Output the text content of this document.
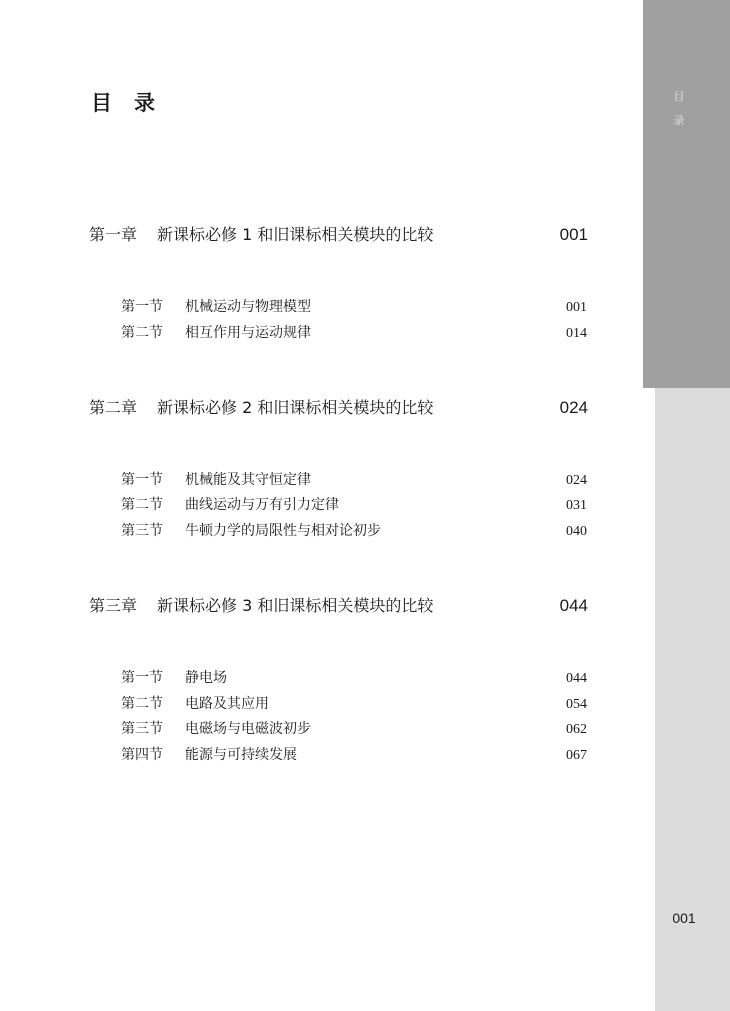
目
录
目录
第一章	新课标必修 1 和旧课标相关模块的比较	001
第一节	机械运动与物理模型	001
第二节	相互作用与运动规律	014
第二章	新课标必修 2 和旧课标相关模块的比较	024
第一节	机械能及其守恒定律	024
第二节	曲线运动与万有引力定律	031
第三节	牛顿力学的局限性与相对论初步	040
第三章	新课标必修 3 和旧课标相关模块的比较	044
第一节	静电场	044
第二节	电路及其应用	054
第三节	电磁场与电磁波初步	062
第四节	能源与可持续发展	067
001
